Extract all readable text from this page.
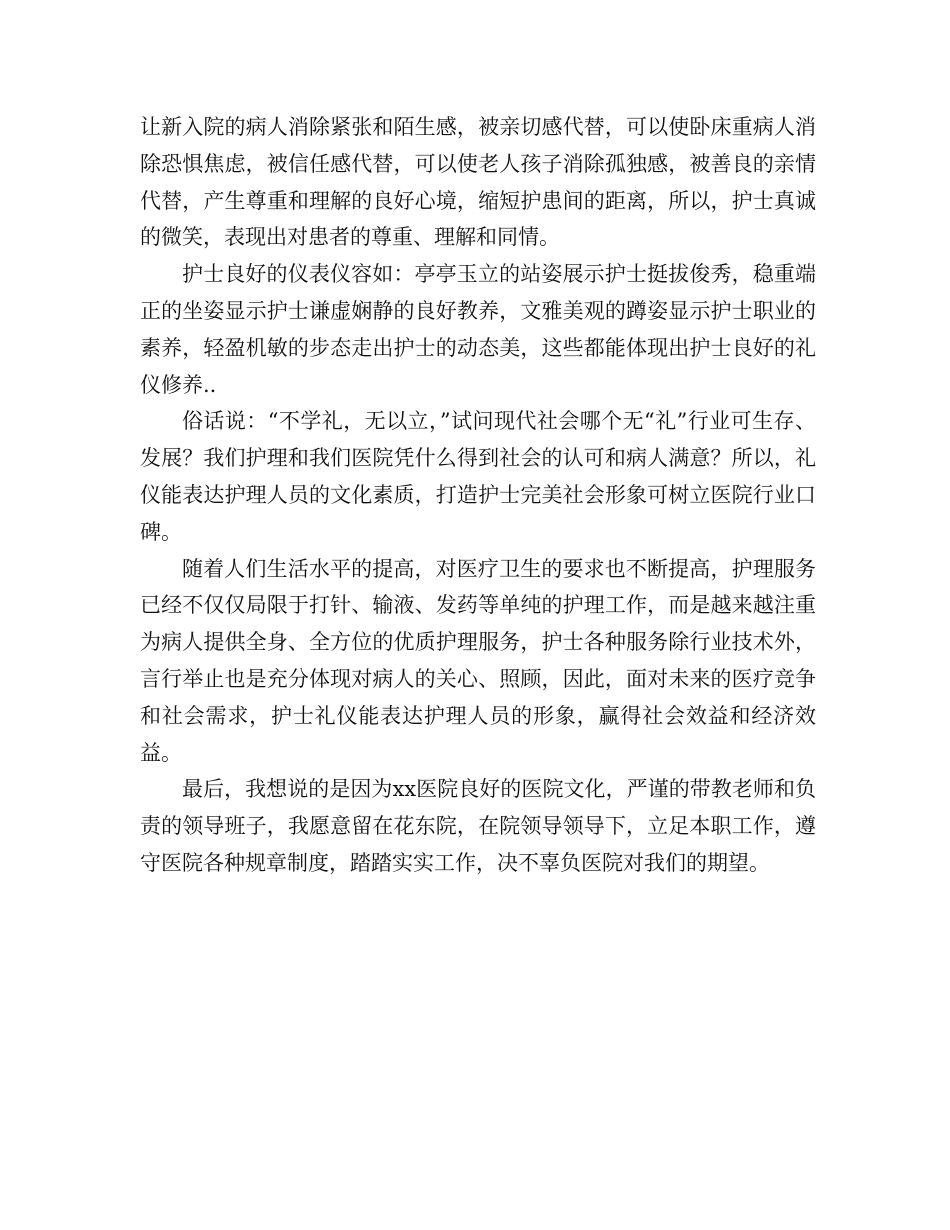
让新入院的病人消除紧张和陌生感，被亲切感代替，可以使卧床重病人消除恐惧焦虑，被信任感代替，可以使老人孩子消除孤独感，被善良的亲情代替，产生尊重和理解的良好心境，缩短护患间的距离，所以，护士真诚的微笑，表现出对患者的尊重、理解和同情。

护士良好的仪表仪容如：亭亭玉立的站姿展示护士挺拔俊秀，稳重端正的坐姿显示护士谦虚娴静的良好教养，文雅美观的蹲姿显示护士职业的素养，轻盈机敏的步态走出护士的动态美，这些都能体现出护士良好的礼仪修养..

俗话说：“不学礼，无以立，”试问现代社会哪个无“礼”行业可生存、发展？我们护理和我们医院凭什么得到社会的认可和病人满意？所以，礼仪能表达护理人员的文化素质，打造护士完美社会形象可树立医院行业口碑。

随着人们生活水平的提高，对医疗卫生的要求也不断提高，护理服务已经不仅仅局限于打针、输液、发药等单纯的护理工作，而是越来越注重为病人提供全身、全方位的优质护理服务，护士各种服务除行业技术外，言行举止也是充分体现对病人的关心、照顾，因此，面对未来的医疗竞争和社会需求，护士礼仪能表达护理人员的形象，赢得社会效益和经济效益。

最后，我想说的是因为xx医院良好的医院文化，严谨的带教老师和负责的领导班子，我愿意留在花东院，在院领导领导下，立足本职工作，遵守医院各种规章制度，踏踏实实工作，决不辜负医院对我们的期望。
